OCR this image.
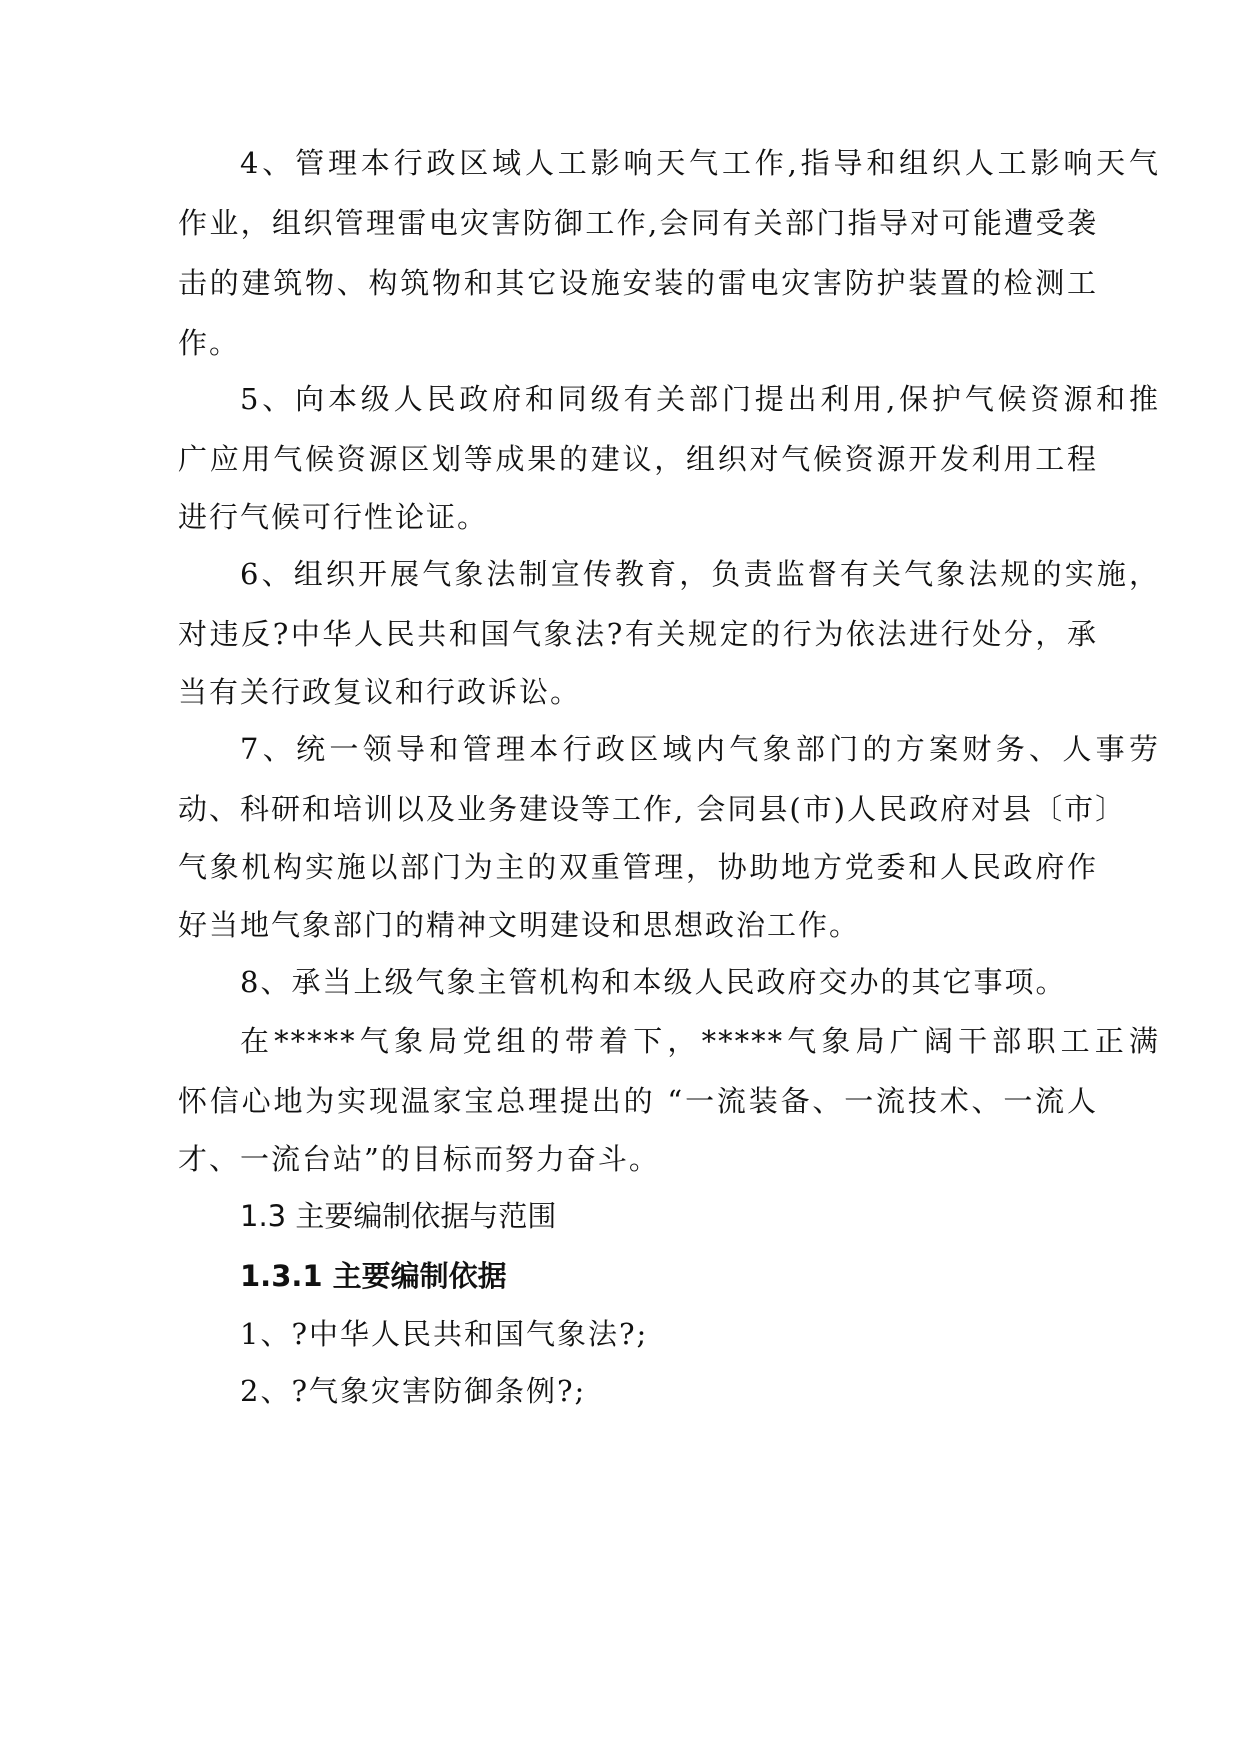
4、管理本行政区域人工影响天气工作,指导和组织人工影响天气
作业，组织管理雷电灾害防御工作,会同有关部门指导对可能遭受袭
击的建筑物、构筑物和其它设施安装的雷电灾害防护装置的检测工
作。
5、向本级人民政府和同级有关部门提出利用,保护气候资源和推
广应用气候资源区划等成果的建议，组织对气候资源开发利用工程
进行气候可行性论证。
6、组织开展气象法制宣传教育，负责监督有关气象法规的实施，
对违反?中华人民共和国气象法?有关规定的行为依法进行处分，承
当有关行政复议和行政诉讼。
7、统一领导和管理本行政区域内气象部门的方案财务、人事劳
动、科研和培训以及业务建设等工作, 会同县(市)人民政府对县〔市〕
气象机构实施以部门为主的双重管理，协助地方党委和人民政府作
好当地气象部门的精神文明建设和思想政治工作。
8、承当上级气象主管机构和本级人民政府交办的其它事项。
在*****气象局党组的带着下，*****气象局广阔干部职工正满
怀信心地为实现温家宝总理提出的 “一流装备、一流技术、一流人
才、一流台站”的目标而努力奋斗。
1.3 主要编制依据与范围
1.3.1 主要编制依据
1、?中华人民共和国气象法?;
2、?气象灾害防御条例?;
